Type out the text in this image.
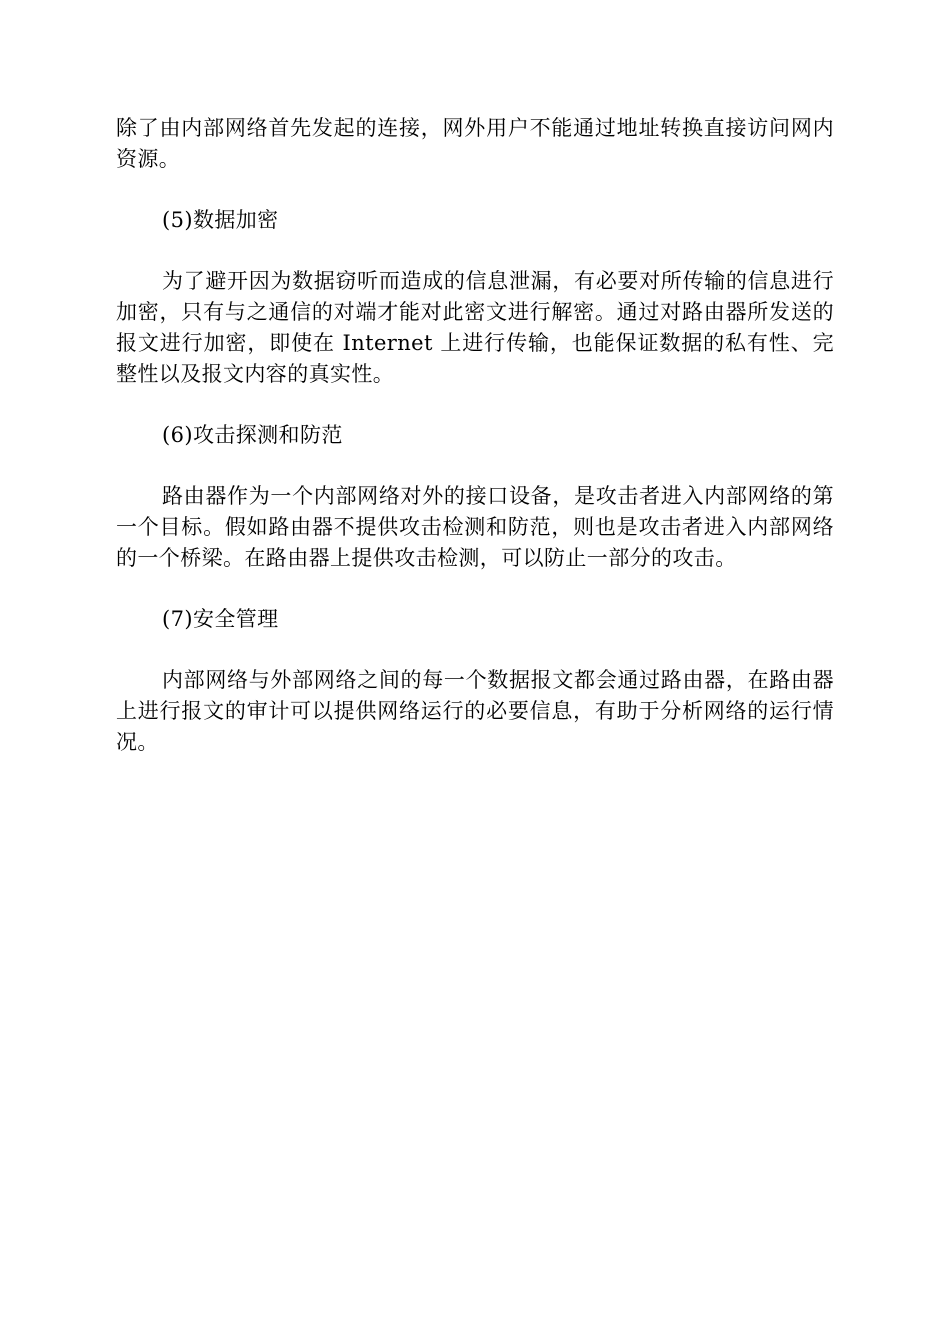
除了由内部网络首先发起的连接，网外用户不能通过地址转换直接访问网内资源。

(5)数据加密

为了避开因为数据窃听而造成的信息泄漏，有必要对所传输的信息进行加密，只有与之通信的对端才能对此密文进行解密。通过对路由器所发送的报文进行加密，即使在 Internet 上进行传输，也能保证数据的私有性、完整性以及报文内容的真实性。

(6)攻击探测和防范

路由器作为一个内部网络对外的接口设备，是攻击者进入内部网络的第一个目标。假如路由器不提供攻击检测和防范，则也是攻击者进入内部网络的一个桥梁。在路由器上提供攻击检测，可以防止一部分的攻击。

(7)安全管理

内部网络与外部网络之间的每一个数据报文都会通过路由器，在路由器上进行报文的审计可以提供网络运行的必要信息，有助于分析网络的运行情况。
